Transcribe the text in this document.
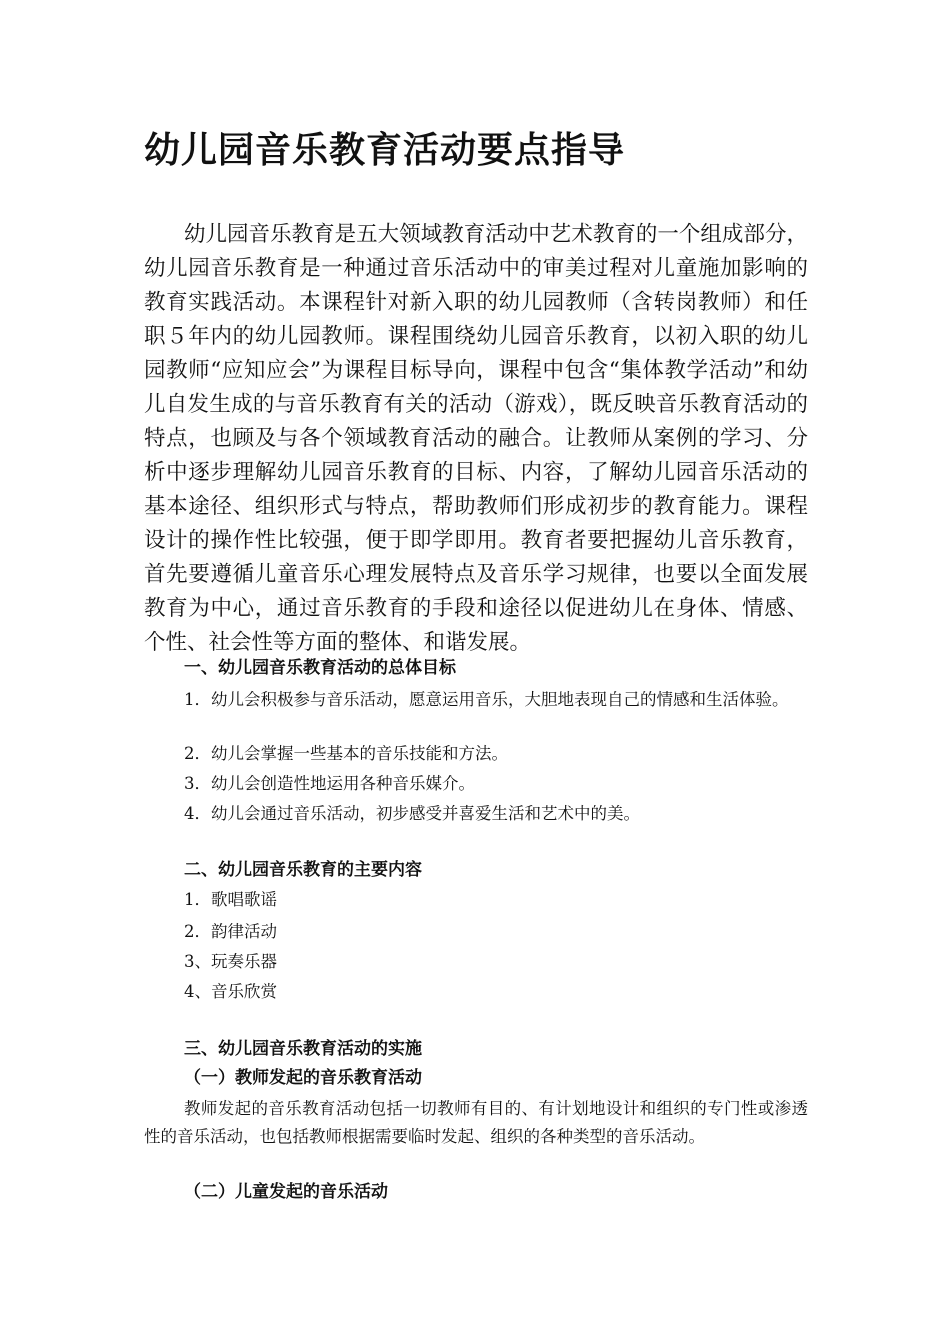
幼儿园音乐教育活动要点指导

幼儿园音乐教育是五大领域教育活动中艺术教育的一个组成部分，幼儿园音乐教育是一种通过音乐活动中的审美过程对儿童施加影响的教育实践活动。本课程针对新入职的幼儿园教师（含转岗教师）和任职５年内的幼儿园教师。课程围绕幼儿园音乐教育，以初入职的幼儿园教师“应知应会”为课程目标导向，课程中包含“集体教学活动”和幼儿自发生成的与音乐教育有关的活动（游戏），既反映音乐教育活动的特点，也顾及与各个领域教育活动的融合。让教师从案例的学习、分析中逐步理解幼儿园音乐教育的目标、内容，了解幼儿园音乐活动的基本途径、组织形式与特点，帮助教师们形成初步的教育能力。课程设计的操作性比较强，便于即学即用。教育者要把握幼儿音乐教育，首先要遵循儿童音乐心理发展特点及音乐学习规律，也要以全面发展教育为中心，通过音乐教育的手段和途径以促进幼儿在身体、情感、个性、社会性等方面的整体、和谐发展。

一、幼儿园音乐教育活动的总体目标

1．幼儿会积极参与音乐活动，愿意运用音乐，大胆地表现自己的情感和生活体验。

2．幼儿会掌握一些基本的音乐技能和方法。

3．幼儿会创造性地运用各种音乐媒介。

4．幼儿会通过音乐活动，初步感受并喜爱生活和艺术中的美。

二、幼儿园音乐教育的主要内容

1．歌唱歌谣

2．韵律活动

3、玩奏乐器

4、音乐欣赏

三、幼儿园音乐教育活动的实施
（一）教师发起的音乐教育活动

教师发起的音乐教育活动包括一切教师有目的、有计划地设计和组织的专门性或渗透性的音乐活动，也包括教师根据需要临时发起、组织的各种类型的音乐活动。

（二）儿童发起的音乐活动
